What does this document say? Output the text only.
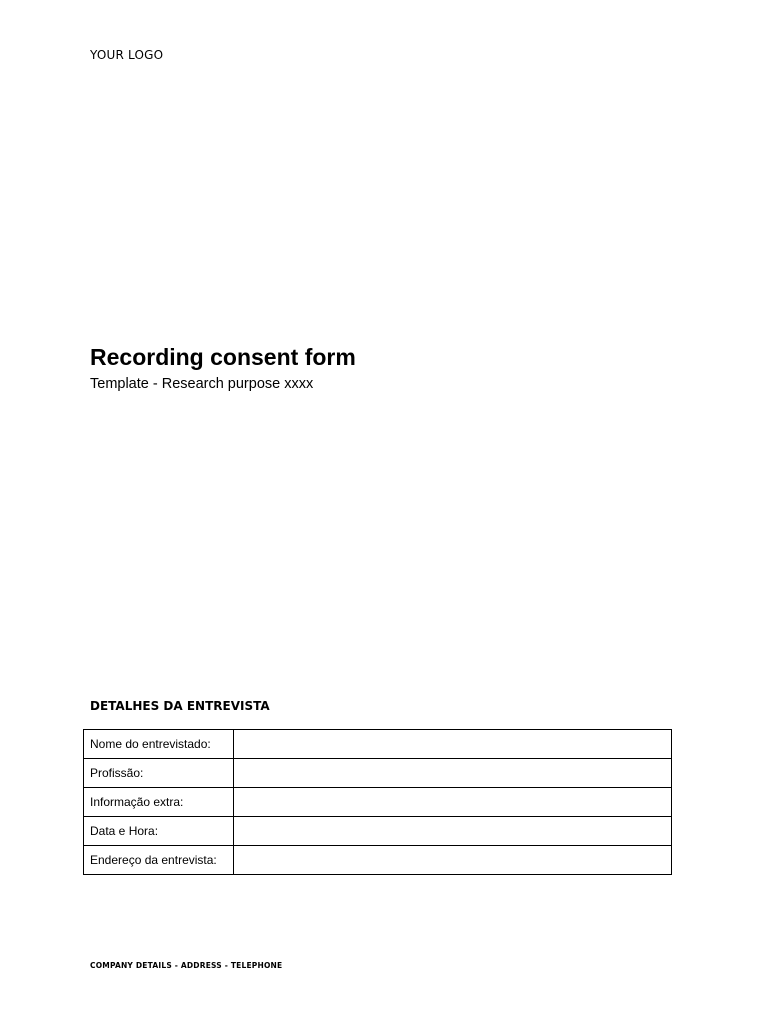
YOUR LOGO
Recording consent form
Template - Research purpose xxxx
DETALHES DA ENTREVISTA
Nome do entrevistado:	
Profissão:	
Informação extra:	
Data e Hora:	
Endereço da entrevista:	
COMPANY DETAILS - ADDRESS - TELEPHONE
